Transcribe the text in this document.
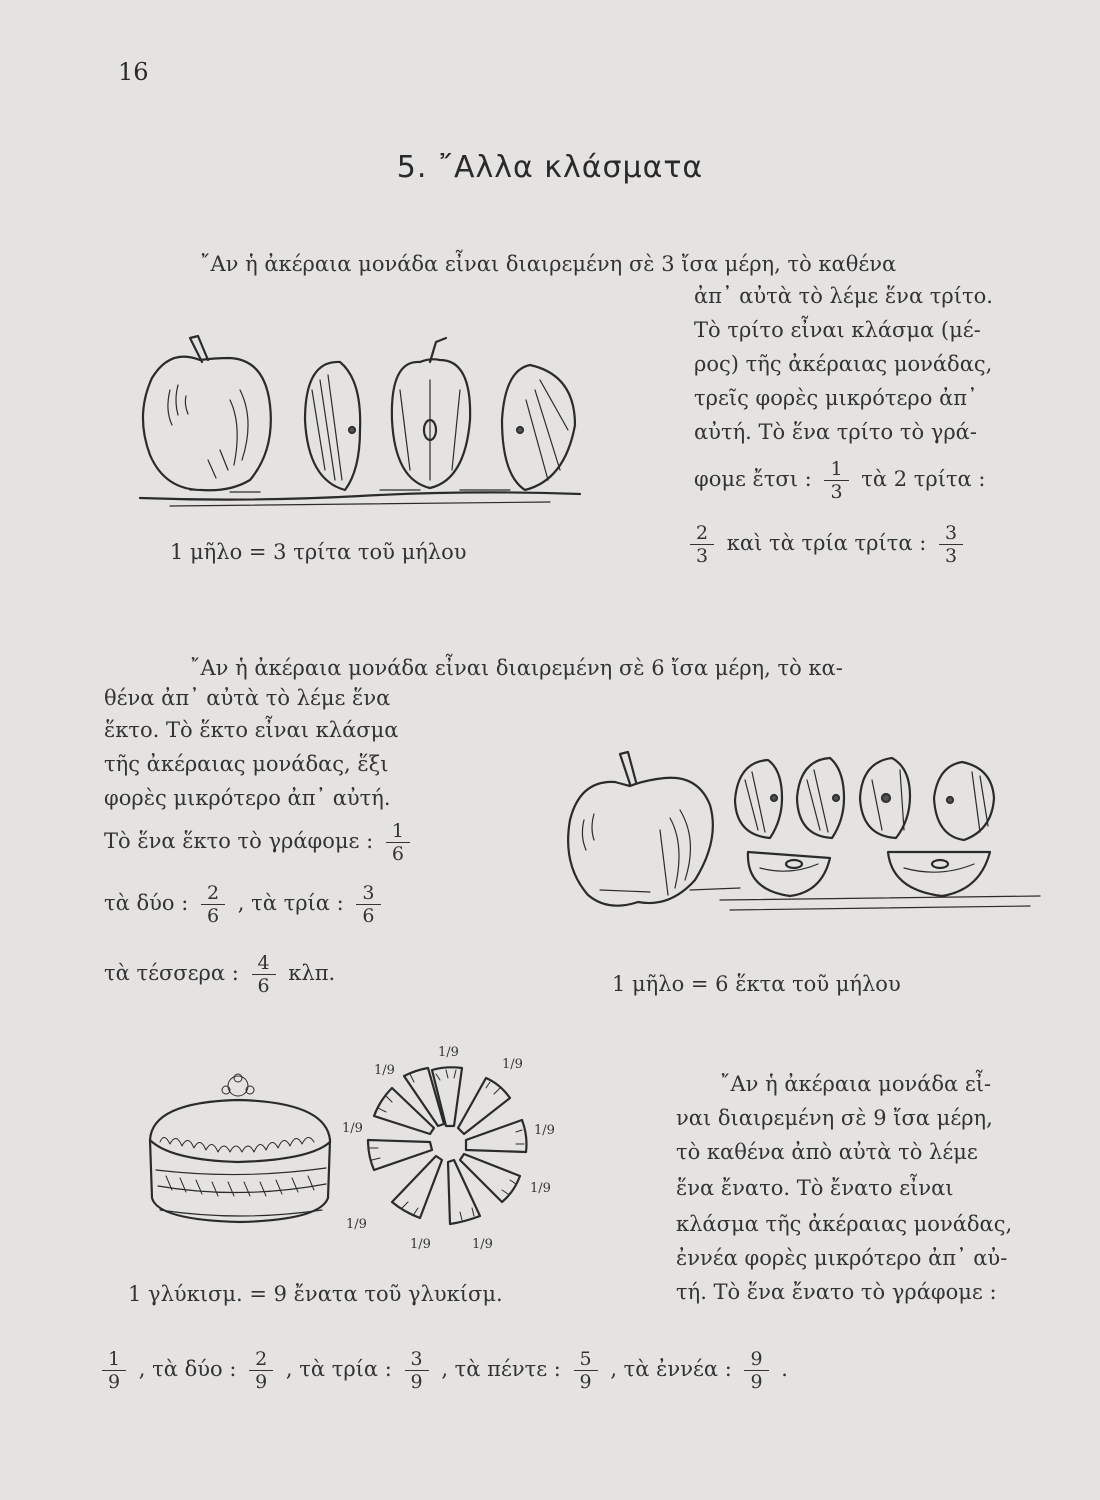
16
5. ῎Αλλα κλάσματα
῎Αν ἡ ἀκέραια μονάδα εἶναι διαιρεμένη σὲ 3 ἴσα μέρη, τὸ καθένα
ἀπ᾽ αὐτὰ τὸ λέμε ἕνα τρίτο.
Τὸ τρίτο εἶναι κλάσμα (μέ-
ρος) τῆς ἀκέραιας μονάδας,
τρεῖς φορὲς μικρότερο ἀπ᾽
αὐτή. Τὸ ἕνα τρίτο τὸ γρά-
φομε ἔτσι : $\frac{1}{3}$ τὰ 2 τρίτα :
$\frac{2}{3}$ καὶ τὰ τρία τρίτα : $\frac{3}{3}$
1 μῆλο = 3 τρίτα τοῦ μήλου
῎Αν ἡ ἀκέραια μονάδα εἶναι διαιρεμένη σὲ 6 ἴσα μέρη, τὸ κα-
θένα ἀπ᾽ αὐτὰ τὸ λέμε ἕνα
ἕκτο. Τὸ ἕκτο εἶναι κλάσμα
τῆς ἀκέραιας μονάδας, ἕξι
φορὲς μικρότερο ἀπ᾽ αὐτή.
Τὸ ἕνα ἕκτο τὸ γράφομε : $\frac{1}{6}$
τὰ δύο : $\frac{2}{6}$ , τὰ τρία : $\frac{3}{6}$
τὰ τέσσερα : $\frac{4}{6} \kappa\lambda\pi$.	1 μῆλο = 6 ἕκτα τοῦ μήλου
῎Αν ἡ ἀκέραια μονάδα εἶ-
ναι διαιρεμένη σὲ 9 ἴσα μέρη,
τὸ καθένα ἀπὸ αὐτὰ τὸ λέμε
ἕνα ἔνατο. Τὸ ἔνατο εἶναι
κλάσμα τῆς ἀκέραιας μονάδας,
ἐννέα φορὲς μικρότερο ἀπ᾽ αὐ-
τή. Τὸ ἕνα ἔνατο τὸ γράφομε :
1/9
1/9
1/9
1/9
1/9
1/9
1/9
1/9
1/9
1 γλύκισμ. = 9 ἔνατα τοῦ γλυκίσμ.
$\frac{1}{9}$ , τὰ δύο : $\frac{2}{9}$ , τὰ τρία : $\frac{3}{9}$ , τὰ πέντε : $\frac{5}{9}$ , τὰ ἐννέα : $\frac{9}{9}$ .
